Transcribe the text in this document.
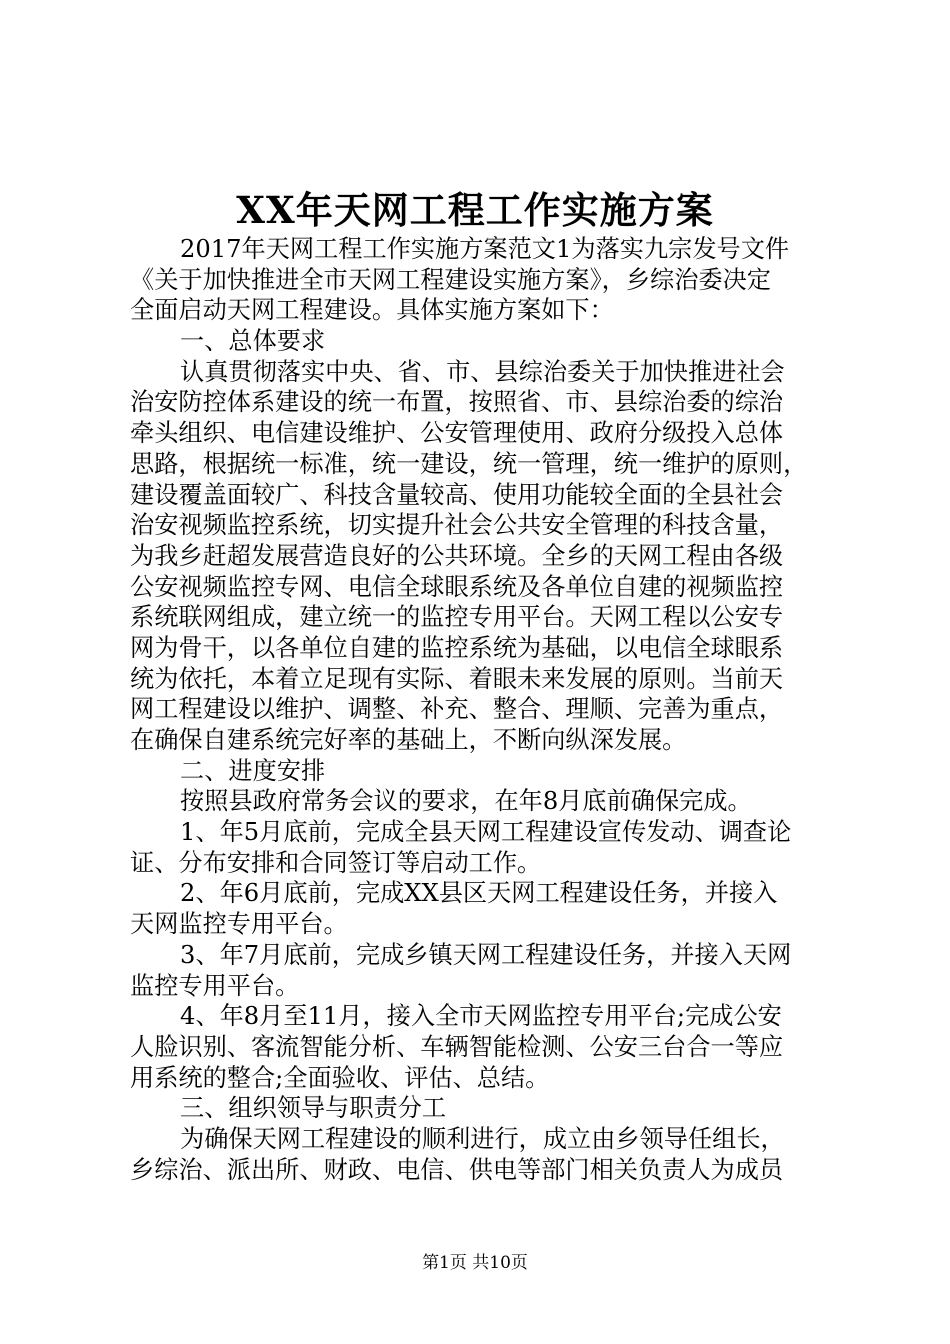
XX年天网工程工作实施方案
2017年天网工程工作实施方案范文1为落实九宗发号文件
《关于加快推进全市天网工程建设实施方案》，乡综治委决定
全面启动天网工程建设。具体实施方案如下：
一、总体要求
认真贯彻落实中央、省、市、县综治委关于加快推进社会
治安防控体系建设的统一布置，按照省、市、县综治委的综治
牵头组织、电信建设维护、公安管理使用、政府分级投入总体
思路，根据统一标准，统一建设，统一管理，统一维护的原则，
建设覆盖面较广、科技含量较高、使用功能较全面的全县社会
治安视频监控系统，切实提升社会公共安全管理的科技含量，
为我乡赶超发展营造良好的公共环境。全乡的天网工程由各级
公安视频监控专网、电信全球眼系统及各单位自建的视频监控
系统联网组成，建立统一的监控专用平台。天网工程以公安专
网为骨干，以各单位自建的监控系统为基础，以电信全球眼系
统为依托，本着立足现有实际、着眼未来发展的原则。当前天
网工程建设以维护、调整、补充、整合、理顺、完善为重点，
在确保自建系统完好率的基础上，不断向纵深发展。
二、进度安排
按照县政府常务会议的要求，在年8月底前确保完成。
1、年5月底前，完成全县天网工程建设宣传发动、调查论
证、分布安排和合同签订等启动工作。
2、年6月底前，完成XX县区天网工程建设任务，并接入
天网监控专用平台。
3、年7月底前，完成乡镇天网工程建设任务，并接入天网
监控专用平台。
4、年8月至11月，接入全市天网监控专用平台;完成公安
人脸识别、客流智能分析、车辆智能检测、公安三台合一等应
用系统的整合;全面验收、评估、总结。
三、组织领导与职责分工
为确保天网工程建设的顺利进行，成立由乡领导任组长，
乡综治、派出所、财政、电信、供电等部门相关负责人为成员
第1页 共10页
